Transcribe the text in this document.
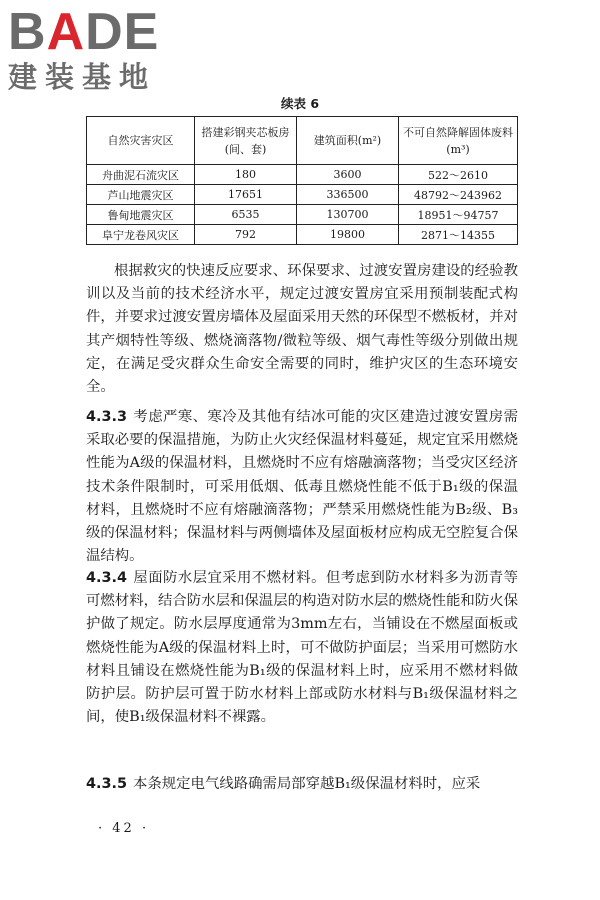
BADE
建装基地
续表 6
自然灾害灾区	搭建彩钢夹芯板房(间、套)	建筑面积(m²)	不可自然降解固体废料(m³)
舟曲泥石流灾区	180	3600	522～2610
芦山地震灾区	17651	336500	48792～243962
鲁甸地震灾区	6535	130700	18951～94757
阜宁龙卷风灾区	792	19800	2871～14355

根据救灾的快速反应要求、环保要求、过渡安置房建设的经验教训以及当前的技术经济水平，规定过渡安置房宜采用预制装配式构件，并要求过渡安置房墙体及屋面采用天然的环保型不燃板材，并对其产烟特性等级、燃烧滴落物/微粒等级、烟气毒性等级分别做出规定，在满足受灾群众生命安全需要的同时，维护灾区的生态环境安全。

4.3.3 考虑严寒、寒冷及其他有结冰可能的灾区建造过渡安置房需采取必要的保温措施，为防止火灾经保温材料蔓延，规定宜采用燃烧性能为A级的保温材料，且燃烧时不应有熔融滴落物；当受灾区经济技术条件限制时，可采用低烟、低毒且燃烧性能不低于B₁级的保温材料，且燃烧时不应有熔融滴落物；严禁采用燃烧性能为B₂级、B₃级的保温材料；保温材料与两侧墙体及屋面板材应构成无空腔复合保温结构。

4.3.4 屋面防水层宜采用不燃材料。但考虑到防水材料多为沥青等可燃材料，结合防水层和保温层的构造对防水层的燃烧性能和防火保护做了规定。防水层厚度通常为3mm左右，当铺设在不燃屋面板或燃烧性能为A级的保温材料上时，可不做防护面层；当采用可燃防水材料且铺设在燃烧性能为B₁级的保温材料上时，应采用不燃材料做防护层。防护层可置于防水材料上部或防水材料与B₁级保温材料之间，使B₁级保温材料不裸露。

4.3.5 本条规定电气线路确需局部穿越B₁级保温材料时，应采

· 42 ·
